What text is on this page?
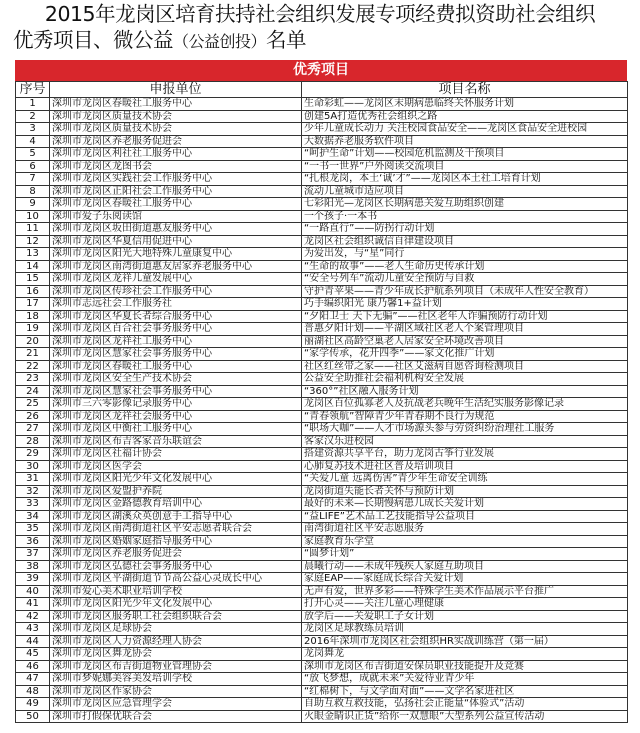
2015年龙岗区培育扶持社会组织发展专项经费拟资助社会组织
优秀项目、微公益（公益创投）名单
优秀项目
序号	申报单位	项目名称
1	深圳市龙岗区春暖社工服务中心	生命彩虹——龙岗区末期病患临终关怀服务计划
2	深圳市龙岗区质量技术协会	创建5A打造优秀社会组织之路
3	深圳市龙岗区质量技术协会	少年儿童成长动力 关注校园食品安全——龙岗区食品安全进校园
4	深圳市龙岗区养老服务促进会	大数据养老服务软件项目
5	深圳市龙岗区利社社工服务中心	“呵护生命”计划——校园危机监测及干预项目
6	深圳市龙岗区龙图书会	“一书一世界”户外阅读交流项目
7	深圳市龙岗区实践社会工作服务中心	“扎根龙岗，本土‘诚’才”——龙岗区本土社工培育计划
8	深圳市龙岗区正阳社会工作服务中心	流动儿童城市适应项目
9	深圳市龙岗区春暖社工服务中心	七彩阳光—龙岗区长期病患关爱互助组织创建
10	深圳市爱子乐阅读馆	一个孩子·一本书
11	深圳市龙岗区坂田街道惠友服务中心	“一路直行”——防拐行动计划
12	深圳市龙岗区华夏信用促进中心	龙岗区社会组织诚信自律建设项目
13	深圳市龙岗区阳光大地特殊儿童康复中心	为爱出发，与“星”同行
14	深圳市龙岗区南湾街道惠友居家养老服务中心	“生命的故事”——老人生命历史传承计划
15	深圳市龙岗区龙祥儿童发展中心	“安全号列车”流动儿童安全预防与自救
16	深圳市龙岗区传珍社会工作服务中心	守护青苹果——青少年成长护航系列项目（未成年人性安全教育）
17	深圳市志远社会工作服务社	巧手编织阳光 康乃馨1+益计划
18	深圳市龙岗区华夏长者综合服务中心	“夕阳卫士 天下无骗”——社区老年人诈骗预防行动计划
19	深圳市龙岗区百合社会事务服务中心	普惠夕阳计划——平湖区域社区老人个案管理项目
20	深圳市龙岗区龙祥社工服务中心	丽湖社区高龄空巢老人居家安全环境改善项目
21	深圳市龙岗区慧家社会事务服务中心	“家学传承，花开四季”——家文化推广计划
22	深圳市龙岗区春暖社工服务中心	社区红丝带之家——社区艾滋病自愿咨询检测项目
23	深圳市龙岗区安全生产技术协会	公益安全助推社会福利机构安全发展
24	深圳市龙岗区慧家社会事务服务中心	“360°”社区融入服务计划
25	深圳市三六零影像记录服务中心	龙岗区百位孤寡老人及抗战老兵晚年生活纪实服务影像记录
26	深圳市龙岗区龙祥社会服务中心	“青春领航”智障青少年青春期不良行为规范
27	深圳市龙岗区中衡社工服务中心	“职场大咖”——人才市场源头参与劳资纠纷治理社工服务
28	深圳市龙岗区布吉客家音乐联谊会	客家汉乐进校园
29	深圳市龙岗区社福计协会	搭建资源共享平台，助力龙岗古筝行业发展
30	深圳市龙岗区医学会	心肺复苏技术进社区普及培训项目
31	深圳市龙岗区阳光少年文化发展中心	“关爱儿童 远离伤害”青少年生命安全训练
32	深圳市龙岗区爱盟护养院	龙岗街道失能长者关怀与预防计划
33	深圳市龙岗区金路德教育培训中心	最好的未来—长期慢病患儿成长关爱计划
34	深圳市龙岗区湖溪众英创意手工指导中心	“益LIFE”艺术品工艺技能指导公益项目
35	深圳市龙岗区南湾街道社区平安志愿者联合会	南湾街道社区平安志愿服务
36	深圳市龙岗区婚姻家庭指导服务中心	家庭教育乐学堂
37	深圳市龙岗区养老服务促进会	“圆梦计划”
38	深圳市龙岗区弘德社会事务服务中心	晨曦行动——未成年残疾人家庭互助项目
39	深圳市龙岗区平湖街道节节高公益心灵成长中心	家庭EAP——家庭成长综合关爱计划
40	深圳市爱心美术职业培训学校	无声有爱，世界多彩——特殊学生美术作品展示平台推广
41	深圳市龙岗区阳光少年文化发展中心	打开心灵——关注儿童心理健康
42	深圳市龙岗区服务职工社会组织联合会	放学后——关爱职工子女计划
43	深圳市龙岗区足球协会	龙岗区足球教练员培训
44	深圳市龙岗区人力资源经理人协会	2016年深圳市龙岗区社会组织HR实战训练营（第一届）
45	深圳市龙岗区舞龙协会	龙岗舞龙
46	深圳市龙岗区布吉街道物业管理协会	深圳市龙岗区布吉街道安保员职业技能提升及竞赛
47	深圳市梦妮娜美容美发培训学校	“放飞梦想，成就未来”关爱待业青少年
48	深圳市龙岗区作家协会	“红棉树下，与文学面对面”——文学名家进社区
49	深圳市龙岗区应急管理学会	自助互救互救技能，弘扬社会正能量“体验式”活动
50	深圳市打假保优联合会	火眼金睛识正货”给你一双慧眼”大型系列公益宣传活动
